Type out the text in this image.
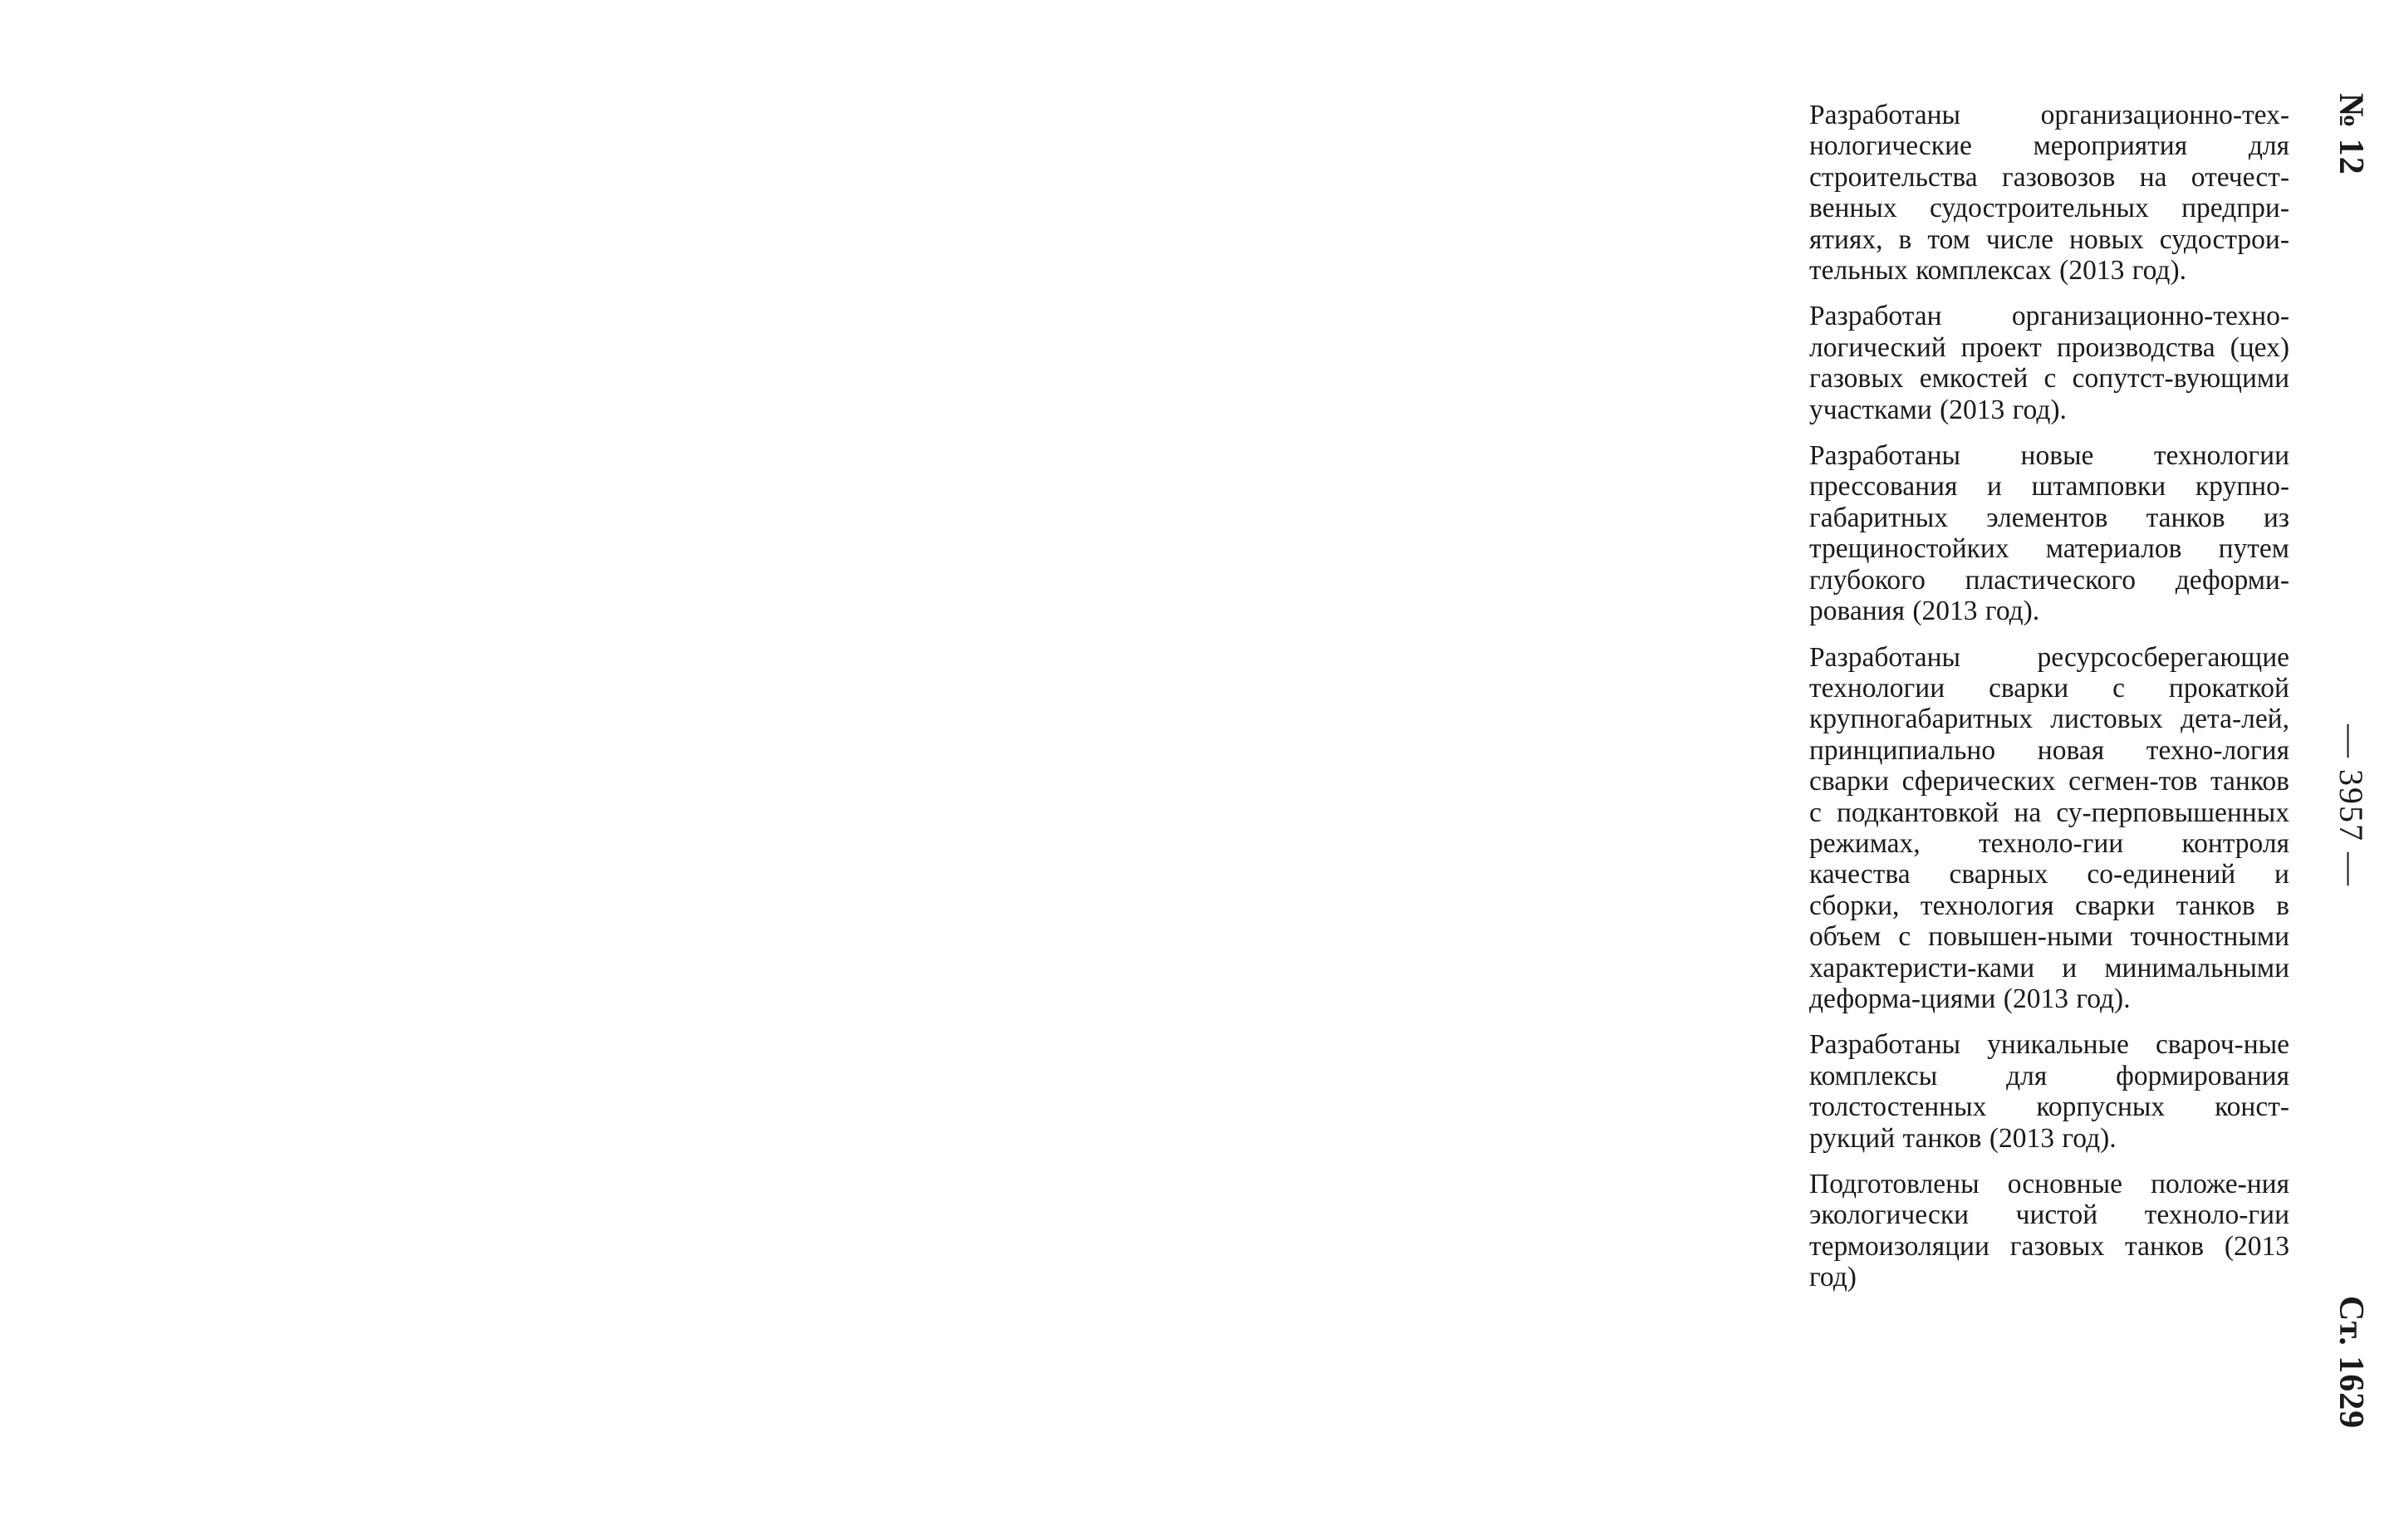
Разработаны организационно-тех-нологические мероприятия для строительства газовозов на отечест-венных судостроительных предпри-ятиях, в том числе новых судострои-тельных комплексах (2013 год).

Разработан организационно-техно-логический проект производства (цех) газовых емкостей с сопутст-вующими участками (2013 год).

Разработаны новые технологии прессования и штамповки крупно-габаритных элементов танков из трещиностойких материалов путем глубокого пластического деформи-рования (2013 год).

Разработаны ресурсосберегающие технологии сварки с прокаткой крупногабаритных листовых дета-лей, принципиально новая техно-логия сварки сферических сегмен-тов танков с подкантовкой на су-перповышенных режимах, техноло-гии контроля качества сварных со-единений и сборки, технология сварки танков в объем с повышен-ными точностными характеристи-ками и минимальными деформа-циями (2013 год).

Разработаны уникальные свароч-ные комплексы для формирования толстостенных корпусных конст-рукций танков (2013 год).

Подготовлены основные положе-ния экологически чистой техноло-гии термоизоляции газовых танков (2013 год)

№ 12
— 3957 —
Ст. 1629
